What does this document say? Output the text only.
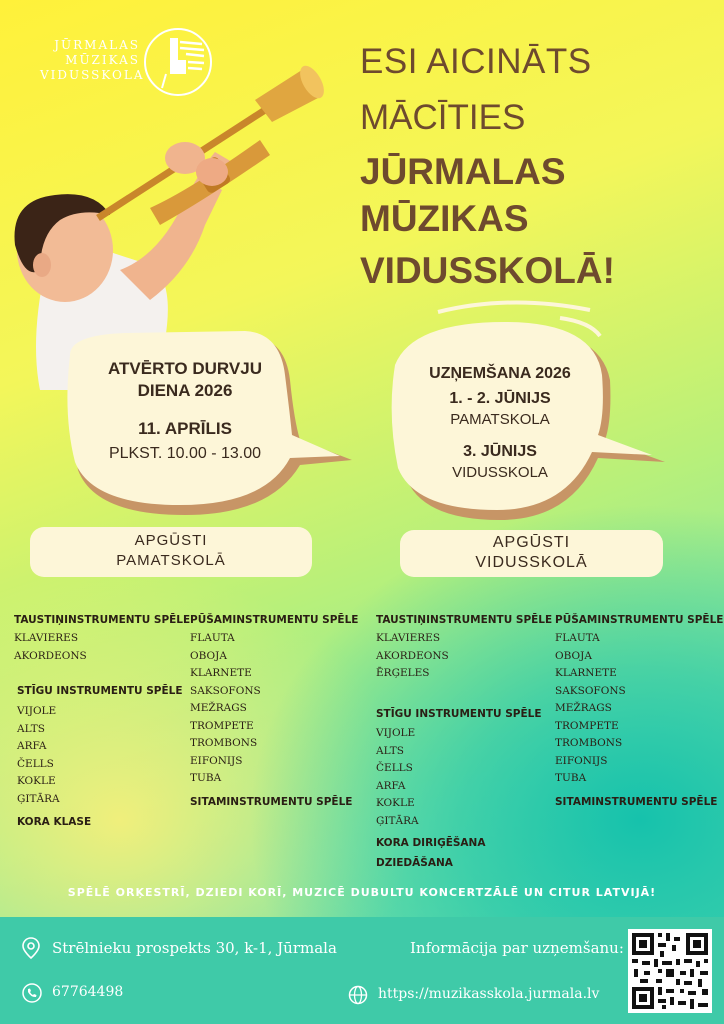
JŪRMALAS
MŪZIKAS
VIDUSSKOLA	ESI AICINĀTS
MĀCĪTIES
JŪRMALAS
MŪZIKAS
VIDUSSKOLĀ!
ATVĒRTO DURVJU
DIENA 2026
11. APRĪLIS
PLKST. 10.00 - 13.00
UZŅEMŠANA 2026
1. - 2. JŪNIJS
PAMATSKOLA
3. JŪNIJS
VIDUSSKOLA
APGŪSTI
PAMATSKOLĀ
APGŪSTI
VIDUSSKOLĀ
TAUSTIŅINSTRUMENTU SPĒLE
KLAVIERES
AKORDEONS
STĪGU INSTRUMENTU SPĒLE
VIJOLE
ALTS
ARFA
ČELLS
KOKLE
ĢITĀRA
KORA KLASE
PŪŠAMINSTRUMENTU SPĒLE
FLAUTA
OBOJA
KLARNETE
SAKSOFONS
MEŽRAGS
TROMPETE
TROMBONS
EIFONIJS
TUBA
SITAMINSTRUMENTU SPĒLE
TAUSTIŅINSTRUMENTU SPĒLE
KLAVIERES
AKORDEONS
ĒRĢELES
STĪGU INSTRUMENTU SPĒLE
VIJOLE
ALTS
ČELLS
ARFA
KOKLE
ĢITĀRA
KORA DIRIĢĒŠANA
DZIEDĀŠANA
PŪŠAMINSTRUMENTU SPĒLE
FLAUTA
OBOJA
KLARNETE
SAKSOFONS
MEŽRAGS
TROMPETE
TROMBONS
EIFONIJS
TUBA
SITAMINSTRUMENTU SPĒLE
SPĒLĒ ORĶESTRĪ, DZIEDI KORĪ, MUZICĒ DUBULTU KONCERTZĀLĒ UN CITUR LATVIJĀ!
Strēlnieku prospekts 30, k-1, Jūrmala
67764498
Informācija par uzņemšanu:
https://muzikasskola.jurmala.lv
